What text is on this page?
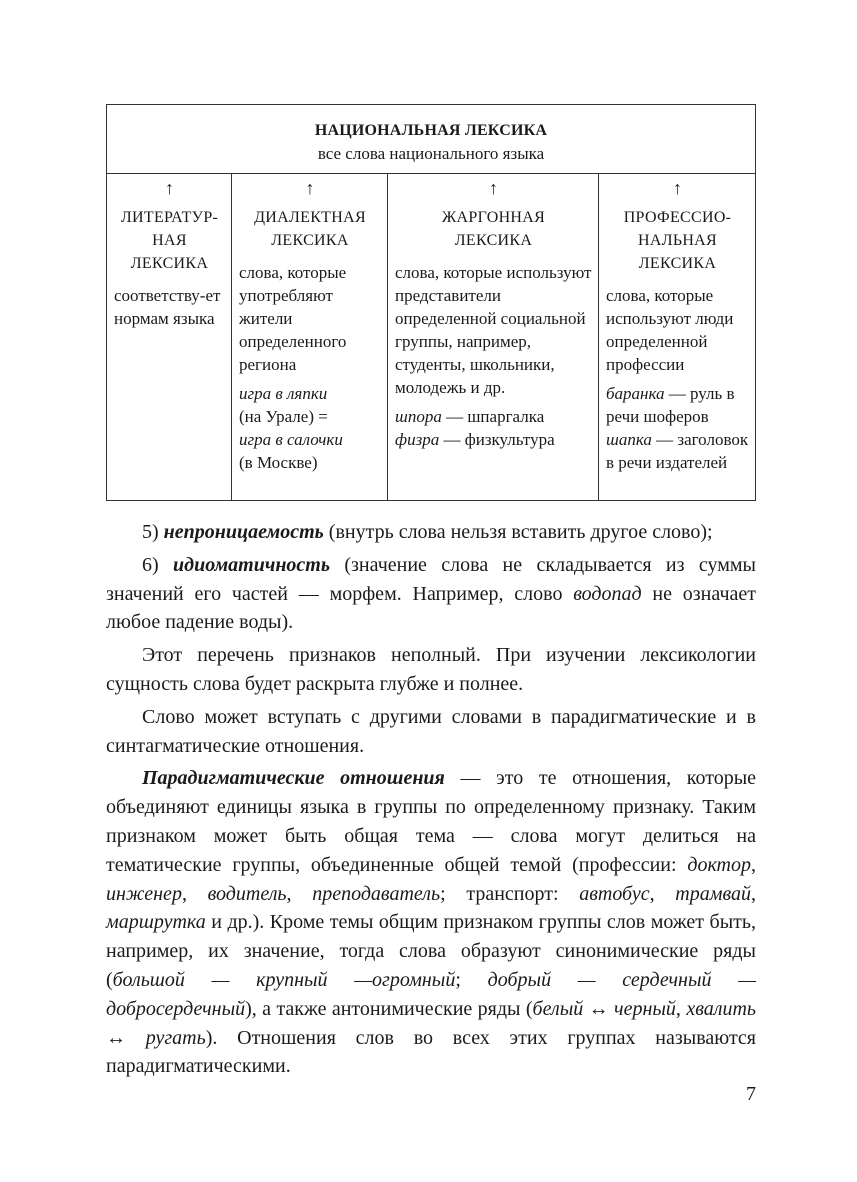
НАЦИОНАЛЬНАЯ ЛЕКСИКА
все слова национального языка
↑
ЛИТЕРАТУР-
НАЯ
ЛЕКСИКА
соответству-ет нормам языка
↑
ДИАЛЕКТНАЯ
ЛЕКСИКА
слова, которые употребляют жители определенного региона
игра в ляпки
(на Урале) =
игра в салочки
(в Москве)
↑
ЖАРГОННАЯ
ЛЕКСИКА
слова, которые используют представители определенной социальной группы, например, студенты, школьники, молодежь и др.
шпора — шпаргалка
физра — физкультура
↑
ПРОФЕССИО-
НАЛЬНАЯ
ЛЕКСИКА
слова, которые используют люди определенной профессии
баранка — руль в речи шоферов
шапка — заголовок в речи издателей

5) непроницаемость (внутрь слова нельзя вставить другое слово);

6) идиоматичность (значение слова не складывается из суммы значений его частей — морфем. Например, слово водопад не означает любое падение воды).

Этот перечень признаков неполный. При изучении лексикологии сущность слова будет раскрыта глубже и полнее.

Слово может вступать с другими словами в парадигматические и в синтагматические отношения.

Парадигматические отношения — это те отношения, которые объединяют единицы языка в группы по определенному признаку. Таким признаком может быть общая тема — слова могут делиться на тематические группы, объединенные общей темой (профессии: доктор, инженер, водитель, преподаватель; транспорт: автобус, трамвай, маршрутка и др.). Кроме темы общим признаком группы слов может быть, например, их значение, тогда слова образуют синонимические ряды (большой — крупный —огромный; добрый — сердечный — добросердечный), а также антонимические ряды (белый ↔ черный, хвалить ↔ ругать). Отношения слов во всех этих группах называются парадигматическими.

7
